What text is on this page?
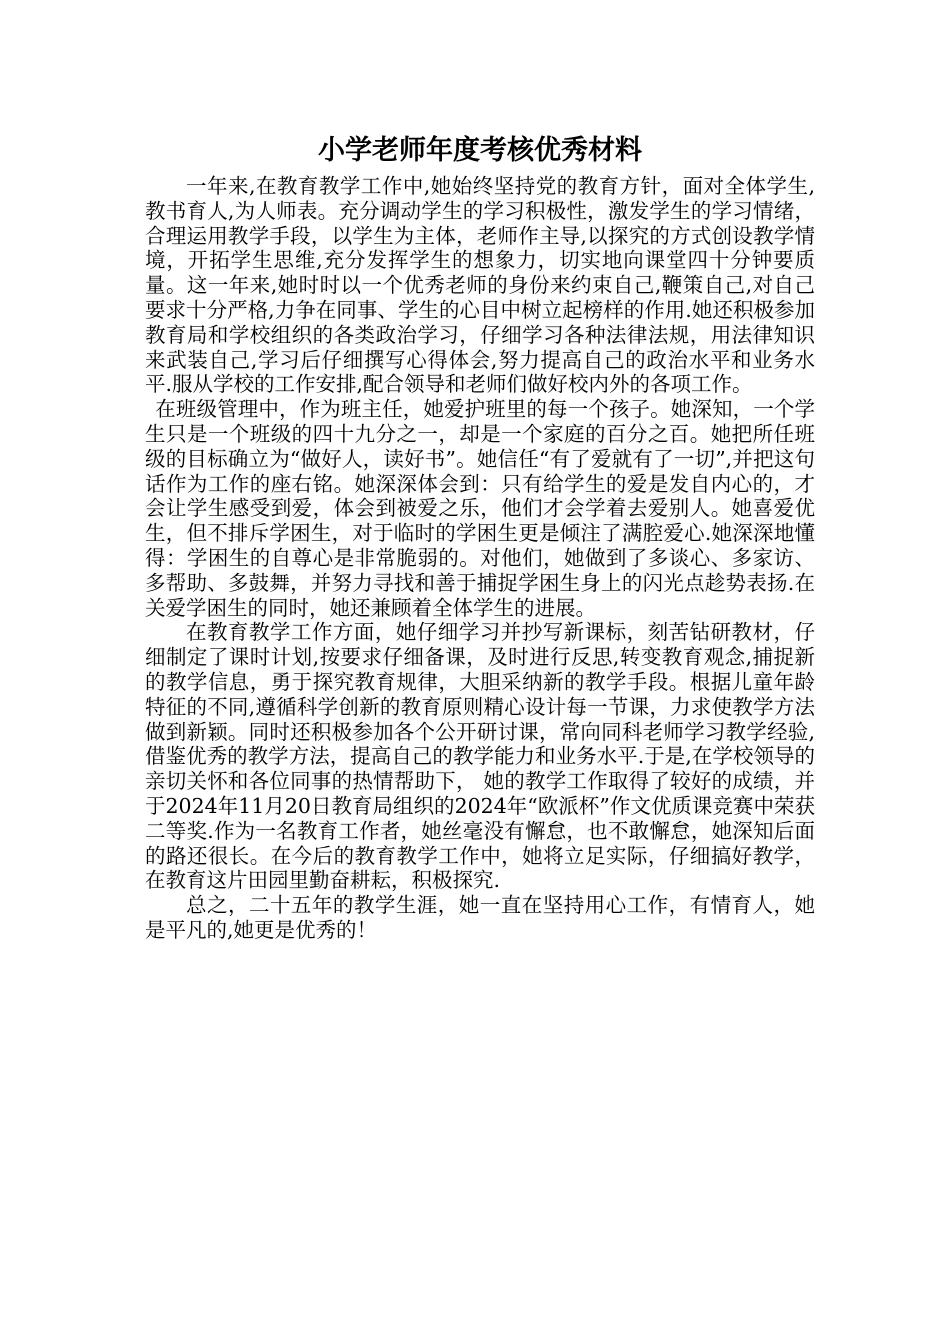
小学老师年度考核优秀材料

一年来,在教育教学工作中,她始终坚持党的教育方针，面对全体学生,教书育人,为人师表。充分调动学生的学习积极性，激发学生的学习情绪，合理运用教学手段，以学生为主体，老师作主导,以探究的方式创设教学情境，开拓学生思维,充分发挥学生的想象力，切实地向课堂四十分钟要质量。这一年来,她时时以一个优秀老师的身份来约束自己,鞭策自己,对自己要求十分严格,力争在同事、学生的心目中树立起榜样的作用.她还积极参加教育局和学校组织的各类政治学习，仔细学习各种法律法规，用法律知识来武装自己,学习后仔细撰写心得体会,努力提高自己的政治水平和业务水平.服从学校的工作安排,配合领导和老师们做好校内外的各项工作。

在班级管理中，作为班主任，她爱护班里的每一个孩子。她深知，一个学生只是一个班级的四十九分之一，却是一个家庭的百分之百。她把所任班级的目标确立为“做好人，读好书”。她信任“有了爱就有了一切”,并把这句话作为工作的座右铭。她深深体会到：只有给学生的爱是发自内心的，才会让学生感受到爱，体会到被爱之乐，他们才会学着去爱别人。她喜爱优生，但不排斥学困生，对于临时的学困生更是倾注了满腔爱心.她深深地懂得：学困生的自尊心是非常脆弱的。对他们，她做到了多谈心、多家访、多帮助、多鼓舞，并努力寻找和善于捕捉学困生身上的闪光点趁势表扬.在关爱学困生的同时，她还兼顾着全体学生的进展。

在教育教学工作方面，她仔细学习并抄写新课标，刻苦钻研教材，仔细制定了课时计划,按要求仔细备课，及时进行反思,转变教育观念,捕捉新的教学信息，勇于探究教育规律，大胆采纳新的教学手段。根据儿童年龄特征的不同,遵循科学创新的教育原则精心设计每一节课，力求使教学方法做到新颖。同时还积极参加各个公开研讨课，常向同科老师学习教学经验,借鉴优秀的教学方法，提高自己的教学能力和业务水平.于是,在学校领导的亲切关怀和各位同事的热情帮助下， 她的教学工作取得了较好的成绩，并于2024年11月20日教育局组织的2024年“欧派杯”作文优质课竞赛中荣获二等奖.作为一名教育工作者，她丝毫没有懈怠，也不敢懈怠，她深知后面的路还很长。在今后的教育教学工作中，她将立足实际，仔细搞好教学，在教育这片田园里勤奋耕耘，积极探究.

总之，二十五年的教学生涯，她一直在坚持用心工作，有情育人，她是平凡的,她更是优秀的！
